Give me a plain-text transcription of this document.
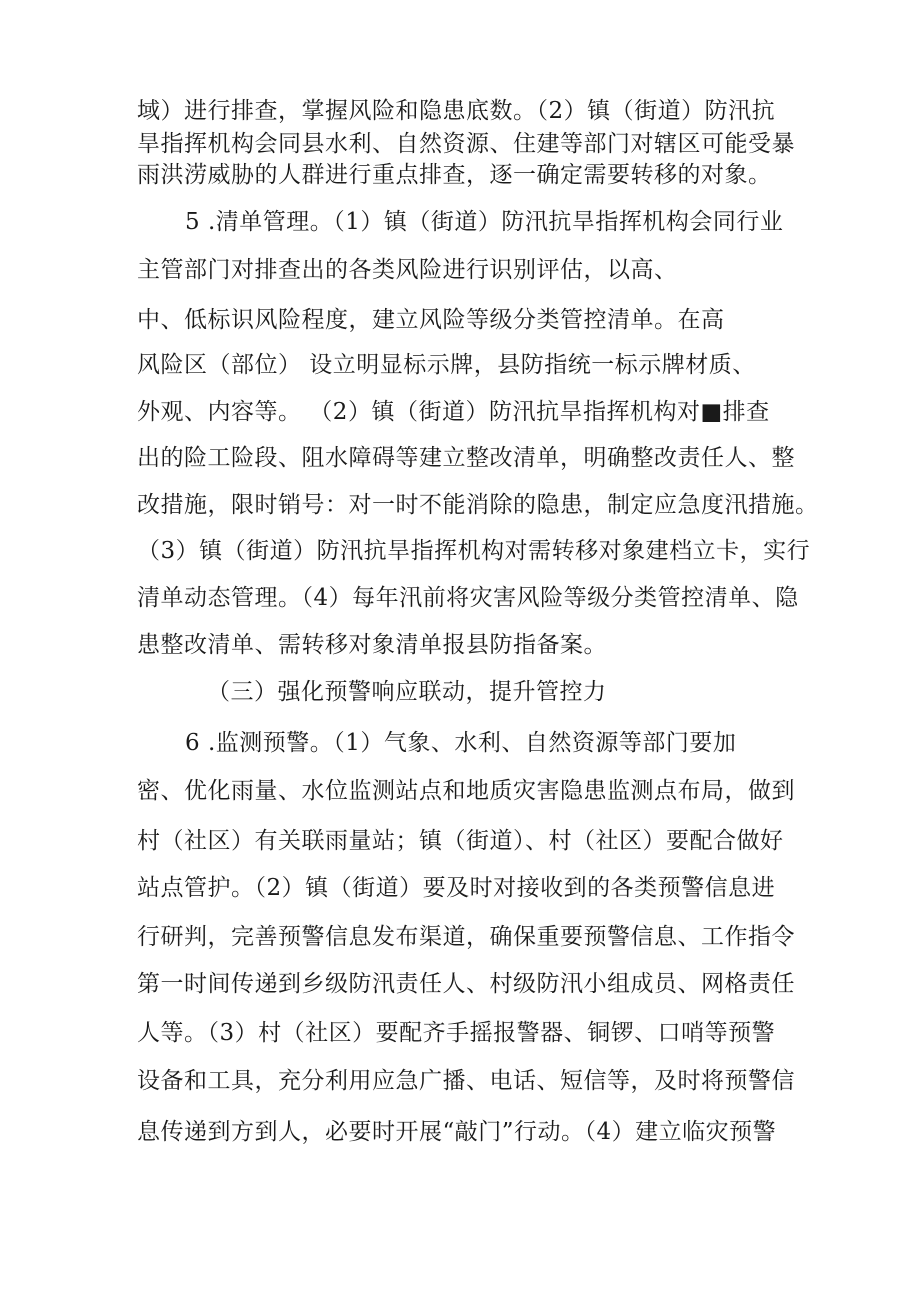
域）进行排查，掌握风险和隐患底数。（2）镇（街道）防汛抗
旱指挥机构会同县水利、自然资源、住建等部门对辖区可能受暴
雨洪涝威胁的人群进行重点排查，逐一确定需要转移的对象。
5 .清单管理。（1）镇（街道）防汛抗旱指挥机构会同行业
主管部门对排查出的各类风险进行识别评估，以高、
中、低标识风险程度，建立风险等级分类管控清单。在高
风险区（部位） 设立明显标示牌，县防指统一标示牌材质、
外观、内容等。 （2）镇（街道）防汛抗旱指挥机构对■排查
出的险工险段、阻水障碍等建立整改清单，明确整改责任人、整
改措施，限时销号：对一时不能消除的隐患，制定应急度汛措施。
（3）镇（街道）防汛抗旱指挥机构对需转移对象建档立卡，实行
清单动态管理。（4）每年汛前将灾害风险等级分类管控清单、隐
患整改清单、需转移对象清单报县防指备案。
（三）强化预警响应联动，提升管控力
6 .监测预警。（1）气象、水利、自然资源等部门要加
密、优化雨量、水位监测站点和地质灾害隐患监测点布局，做到
村（社区）有关联雨量站；镇（街道）、村（社区）要配合做好
站点管护。（2）镇（街道）要及时对接收到的各类预警信息进
行研判，完善预警信息发布渠道，确保重要预警信息、工作指令
第一时间传递到乡级防汛责任人、村级防汛小组成员、网格责任
人等。（3）村（社区）要配齐手摇报警器、铜锣、口哨等预警
设备和工具，充分利用应急广播、电话、短信等，及时将预警信
息传递到方到人，必要时开展“敲门”行动。（4）建立临灾预警
